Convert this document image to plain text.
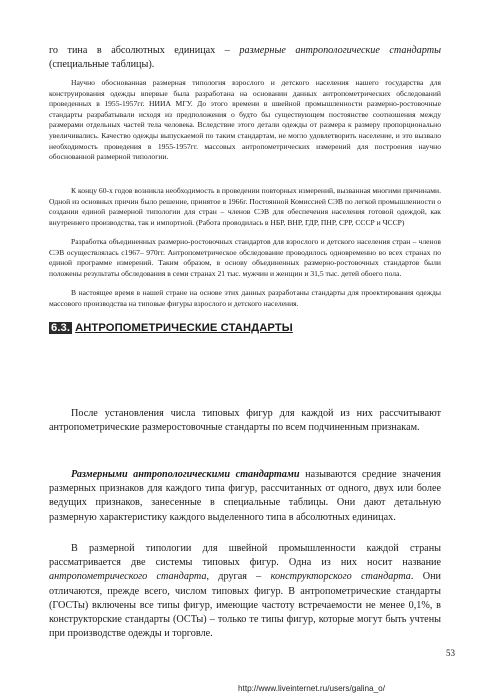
го тина в абсолютных единицах – размерные антропологические стандарты (специальные таблицы).

Научно обоснованная размерная типология взрослого и детского населения нашего государства для конструирования одежды впервые была разработана на основании данных антропометрических обследований проведенных в 1955-1957гг. НИИА МГУ. До этого времени в швейной промышленности размерно-ростовочные стандарты разрабатывали исходя из предположения о будто бы существующем постоянстве соотношения между размерами отдельных частей тела человека. Вследствие этого детали одежды от размера к размеру пропорционально увеличивались. Качество одежды выпускаемой по таким стандартам, не могло удовлетворить население, и это вызвало необходимость проведения в 1955-1957гг. массовых антропометрических измерений для построения научно обоснованной размерной типологии.

К концу 60-х годов возникла необходимость в проведении повторных измерений, вызванная многими причинами. Одной из основных причин было решение, принятое в 1966г. Постоянной Комиссией СЭВ по легкой промышленности о создании единой размерной типологии для стран – членов СЭВ для обеспечения населения готовой одеждой, как внутреннего производства, так и импортной. (Работа проводилась в НБР, ВНР, ГДР, ПНР, СРР, СССР и ЧССР)

Разработка объединенных размерно-ростовочных стандартов для взрослого и детского населения стран – членов СЭВ осуществлялась с1967– 970гг. Антропометрическое обследование проводилось одновременно во всех странах по единой программе измерений. Таким образом, в основу объединенных размерно-ростовочных стандартов были положены результаты обследования в семи странах 21 тыс. мужчин и женщин и 31,5 тыс. детей обоего пола.

В настоящее время в нашей стране на основе этих данных разработаны стандарты для проектирования одежды массового производства на типовые фигуры взрослого и детского населения.

6.3. АНТРОПОМЕТРИЧЕСКИЕ СТАНДАРТЫ

После установления числа типовых фигур для каждой из них рассчитывают антропометрические размеростовочные стандарты по всем подчиненным признакам.

Размерными антропологическими стандартами называются средние значения размерных признаков для каждого типа фигур, рассчитанных от одного, двух или более ведущих признаков, занесенные в специальные таблицы. Они дают детальную размерную характеристику каждого выделенного типа в абсолютных единицах.

В размерной типологии для швейной промышленности каждой страны рассматривается две системы типовых фигур. Одна из них носит название антропометрического стандарта, другая – конструкторского стандарта. Они отличаются, прежде всего, числом типовых фигур. В антропометрические стандарты (ГОСТы) включены все типы фигур, имеющие частоту встречаемости не менее 0,1%, в конструкторские стандарты (ОСТы) – только те типы фигур, которые могут быть учтены при производстве одежды и торговле.

53
http://www.liveinternet.ru/users/galina_o/
